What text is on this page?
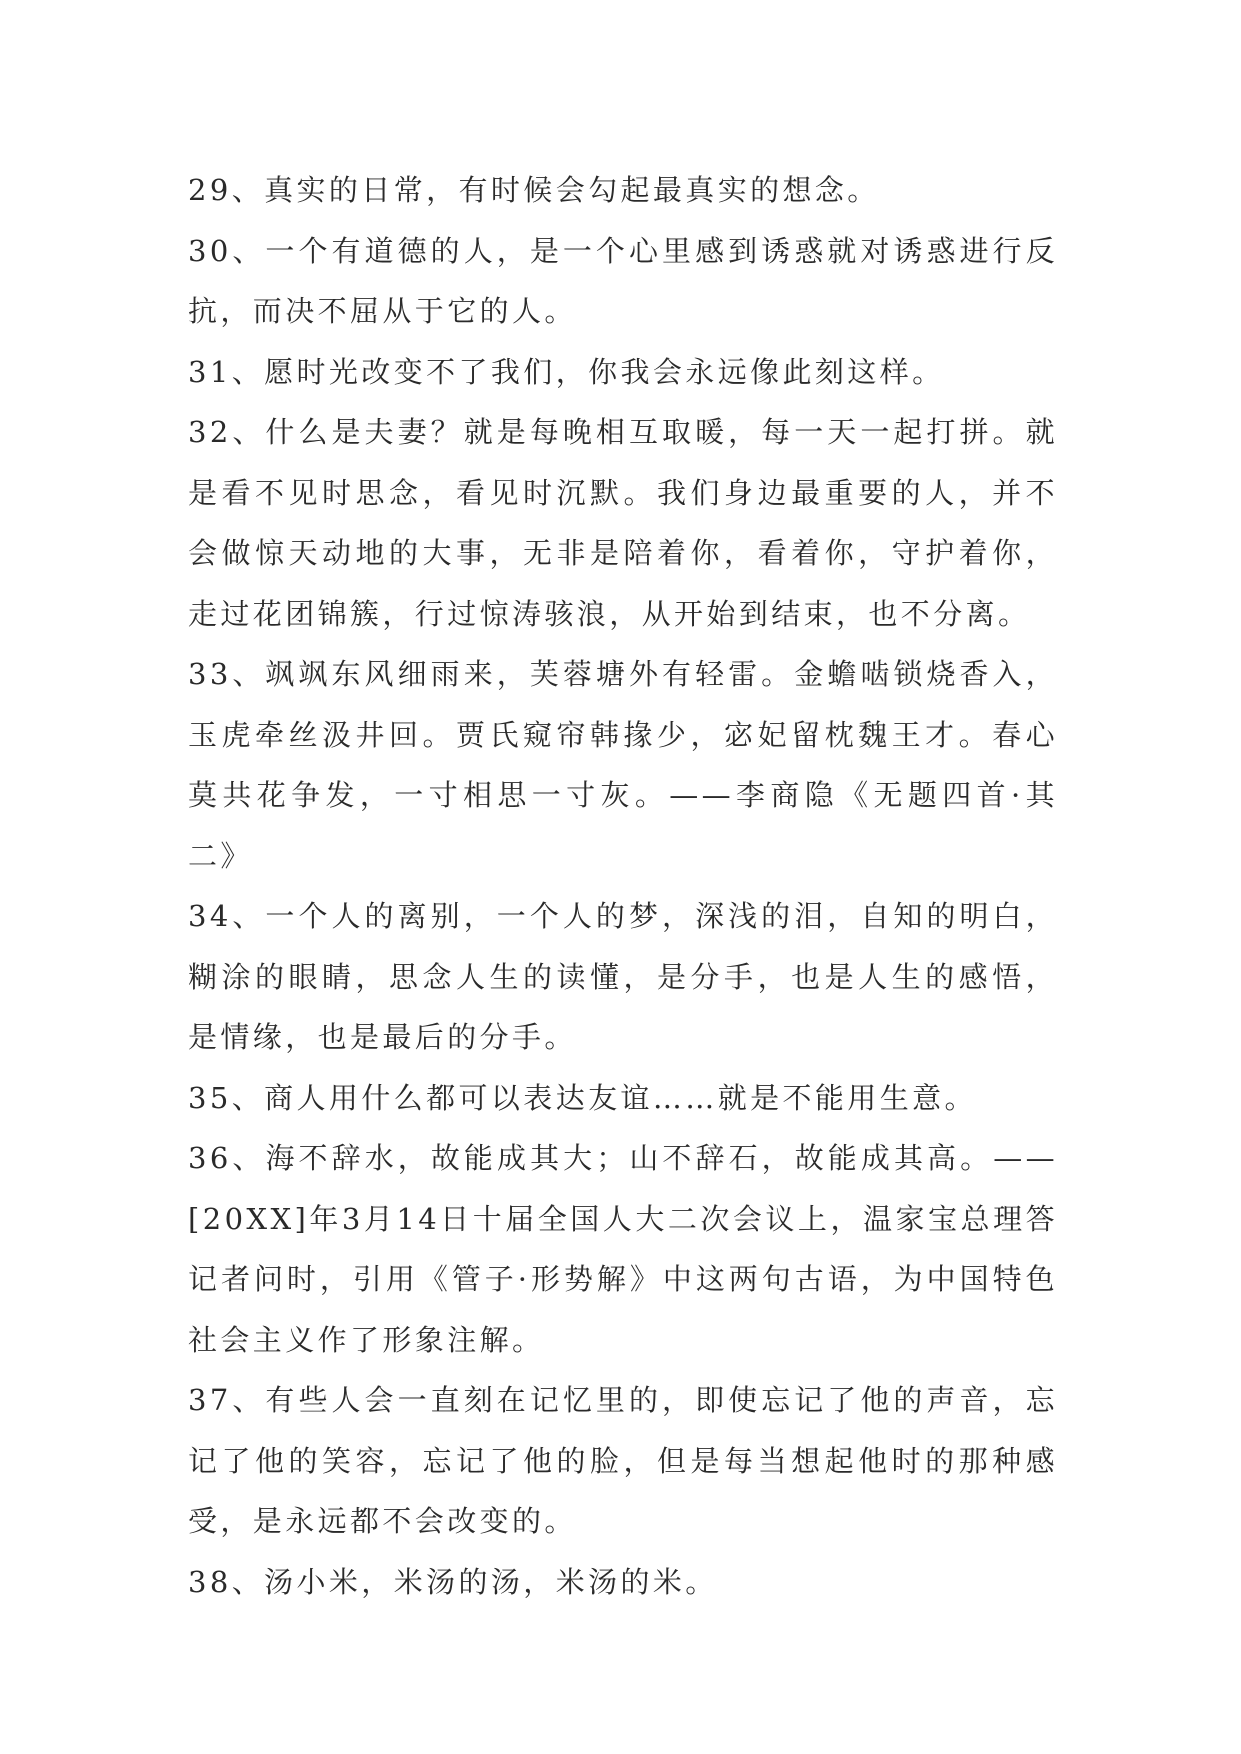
29、真实的日常，有时候会勾起最真实的想念。

30、一个有道德的人，是一个心里感到诱惑就对诱惑进行反抗，而决不屈从于它的人。

31、愿时光改变不了我们，你我会永远像此刻这样。

32、什么是夫妻？就是每晚相互取暖，每一天一起打拼。就是看不见时思念，看见时沉默。我们身边最重要的人，并不会做惊天动地的大事，无非是陪着你，看着你，守护着你，走过花团锦簇，行过惊涛骇浪，从开始到结束，也不分离。

33、飒飒东风细雨来，芙蓉塘外有轻雷。金蟾啮锁烧香入，玉虎牵丝汲井回。贾氏窥帘韩掾少，宓妃留枕魏王才。春心莫共花争发，一寸相思一寸灰。——李商隐《无题四首·其二》

34、一个人的离别，一个人的梦，深浅的泪，自知的明白，糊涂的眼睛，思念人生的读懂，是分手，也是人生的感悟，是情缘，也是最后的分手。

35、商人用什么都可以表达友谊……就是不能用生意。

36、海不辞水，故能成其大；山不辞石，故能成其高。——[20XX]年3月14日十届全国人大二次会议上，温家宝总理答记者问时，引用《管子·形势解》中这两句古语，为中国特色社会主义作了形象注解。

37、有些人会一直刻在记忆里的，即使忘记了他的声音，忘记了他的笑容，忘记了他的脸，但是每当想起他时的那种感受，是永远都不会改变的。

38、汤小米，米汤的汤，米汤的米。
